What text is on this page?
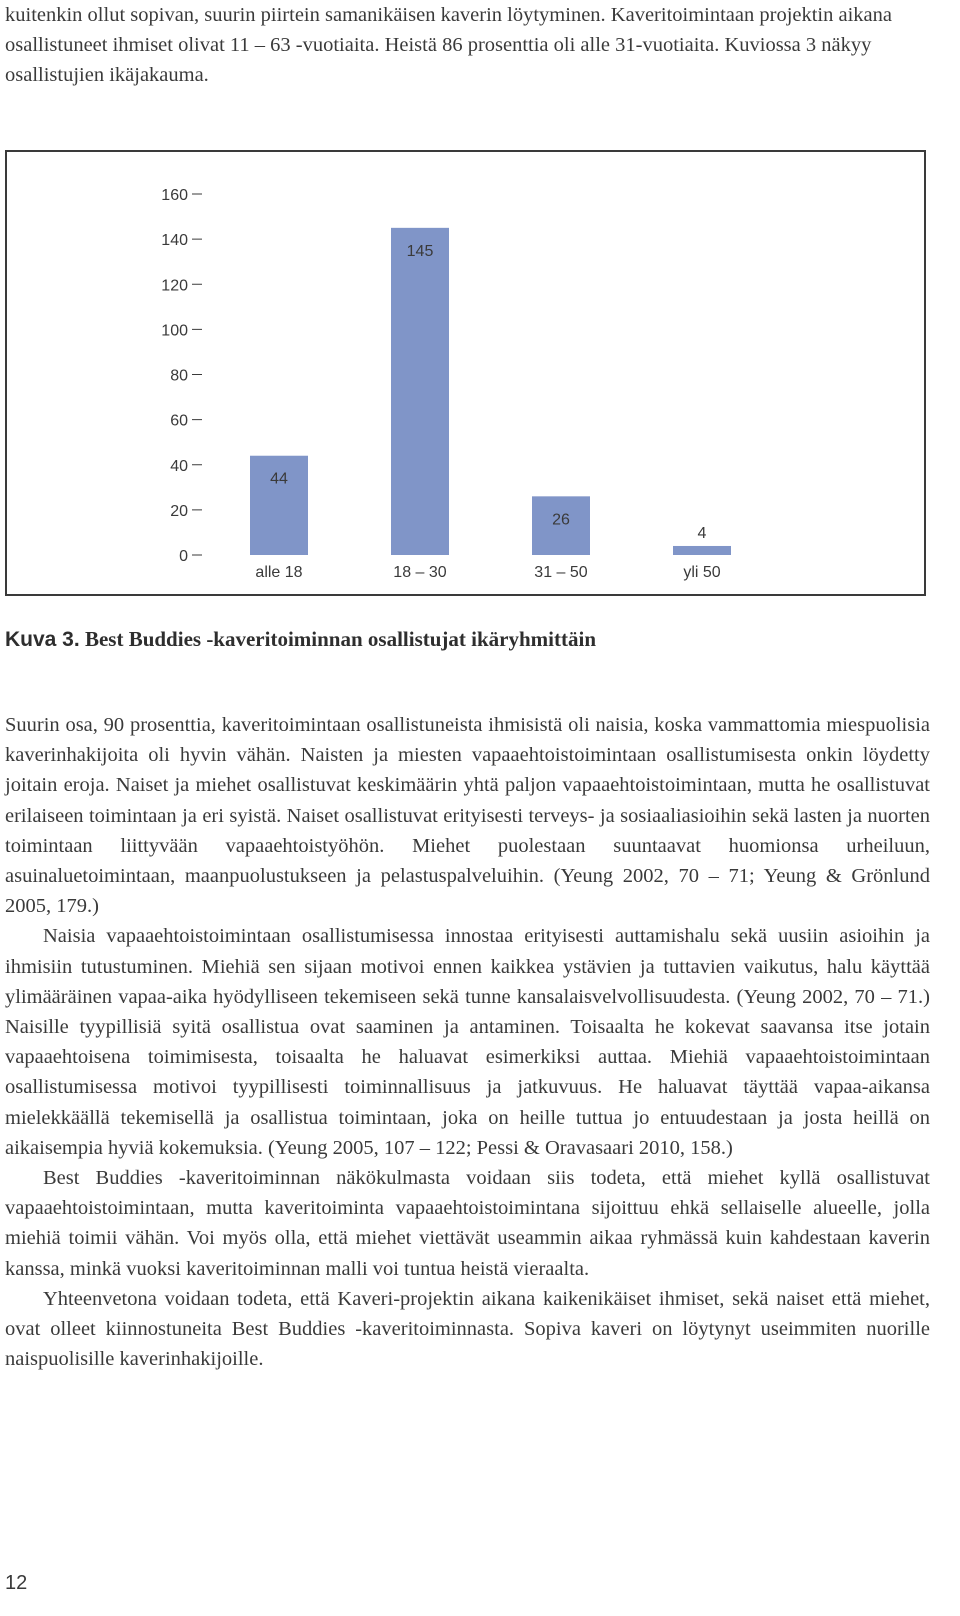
kuitenkin ollut sopivan, suurin piirtein samanikäisen kaverin löytyminen. Kaveritoimintaan projektin aikana osallistuneet ihmiset olivat 11 – 63 -vuotiaita. Heistä 86 prosenttia oli alle 31-vuotiaita. Kuviossa 3 näkyy osallistujien ikäjakauma.

0
20
40
60
80
100
120
140
160
44
alle 18
145
18 – 30
26
31 – 50
4
yli 50
Kuva 3. Best Buddies -kaveritoiminnan osallistujat ikäryhmittäin

Suurin osa, 90 prosenttia, kaveritoimintaan osallistuneista ihmisistä oli naisia, koska vammattomia miespuolisia kaverinhakijoita oli hyvin vähän. Naisten ja miesten vapaaehtoistoimintaan osallistumisesta onkin löydetty joitain eroja. Naiset ja miehet osallistuvat keskimäärin yhtä paljon vapaaehtoistoimintaan, mutta he osallistuvat erilaiseen toimintaan ja eri syistä. Naiset osallistuvat erityisesti terveys- ja sosiaaliasioihin sekä lasten ja nuorten toimintaan liittyvään vapaaehtoistyöhön. Miehet puolestaan suuntaavat huomionsa urheiluun, asuinaluetoimintaan, maanpuolustukseen ja pelastuspalveluihin. (Yeung 2002, 70 – 71; Yeung & Grönlund 2005, 179.)

Naisia vapaaehtoistoimintaan osallistumisessa innostaa erityisesti auttamishalu sekä uusiin asioihin ja ihmisiin tutustuminen. Miehiä sen sijaan motivoi ennen kaikkea ystävien ja tuttavien vaikutus, halu käyttää ylimääräinen vapaa-aika hyödylliseen tekemiseen sekä tunne kansalaisvelvollisuudesta. (Yeung 2002, 70 – 71.) Naisille tyypillisiä syitä osallistua ovat saaminen ja antaminen. Toisaalta he kokevat saavansa itse jotain vapaaehtoisena toimimisesta, toisaalta he haluavat esimerkiksi auttaa. Miehiä vapaaehtoistoimintaan osallistumisessa motivoi tyypillisesti toiminnallisuus ja jatkuvuus. He haluavat täyttää vapaa-aikansa mielekkäällä tekemisellä ja osallistua toimintaan, joka on heille tuttua jo entuudestaan ja josta heillä on aikaisempia hyviä kokemuksia. (Yeung 2005, 107 – 122; Pessi & Oravasaari 2010, 158.)

Best Buddies -kaveritoiminnan näkökulmasta voidaan siis todeta, että miehet kyllä osallistuvat vapaaehtoistoimintaan, mutta kaveritoiminta vapaaehtoistoimintana sijoittuu ehkä sellaiselle alueelle, jolla miehiä toimii vähän. Voi myös olla, että miehet viettävät useammin aikaa ryhmässä kuin kahdestaan kaverin kanssa, minkä vuoksi kaveritoiminnan malli voi tuntua heistä vieraalta.

Yhteenvetona voidaan todeta, että Kaveri-projektin aikana kaikenikäiset ihmiset, sekä naiset että miehet, ovat olleet kiinnostuneita Best Buddies -kaveritoiminnasta. Sopiva kaveri on löytynyt useimmiten nuorille naispuolisille kaverinhakijoille.

12
